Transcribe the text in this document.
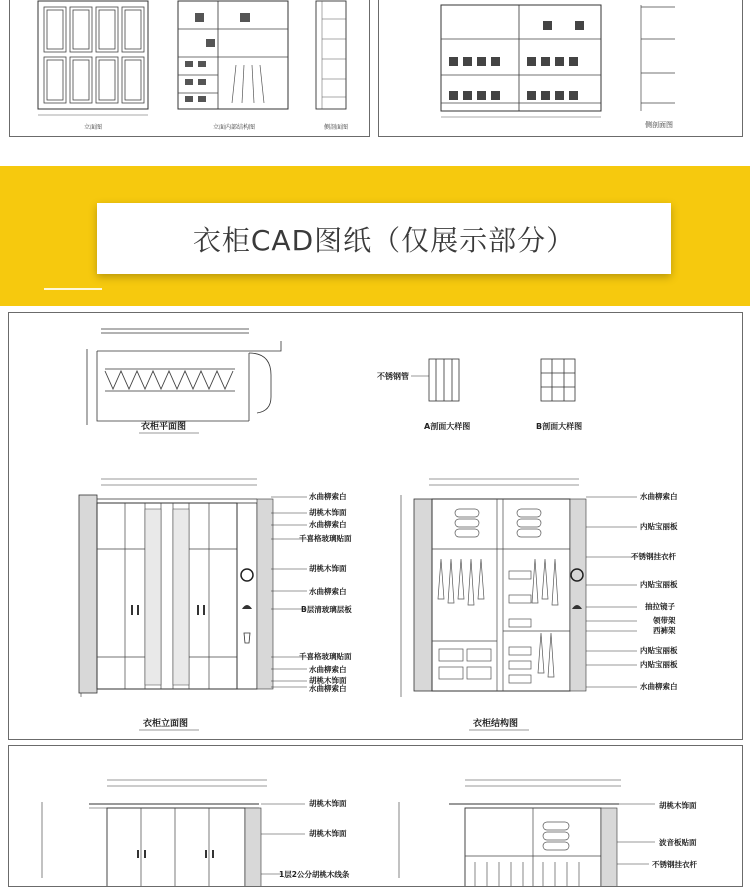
立面图	立面内部结构图	侧剖面图	侧剖面图
衣柜CAD图纸（仅展示部分）
衣柜平面图
不锈钢管
A剖面大样图	B剖面大样图
水曲柳索白
胡桃木饰面
水曲柳索白
千喜格玻璃贴面
胡桃木饰面
水曲柳索白
B层清玻璃层板
千喜格玻璃贴面
水曲柳索白
胡桃木饰面
水曲柳索白
衣柜立面图
水曲柳索白
内贴宝丽板
不锈钢挂衣杆
内贴宝丽板
抽拉镜子
领带架
西裤架
内贴宝丽板
内贴宝丽板
水曲柳索白
衣柜结构图
胡桃木饰面
胡桃木饰面
1层2公分胡桃木线条
胡桃木饰面
波音板贴面
不锈钢挂衣杆
